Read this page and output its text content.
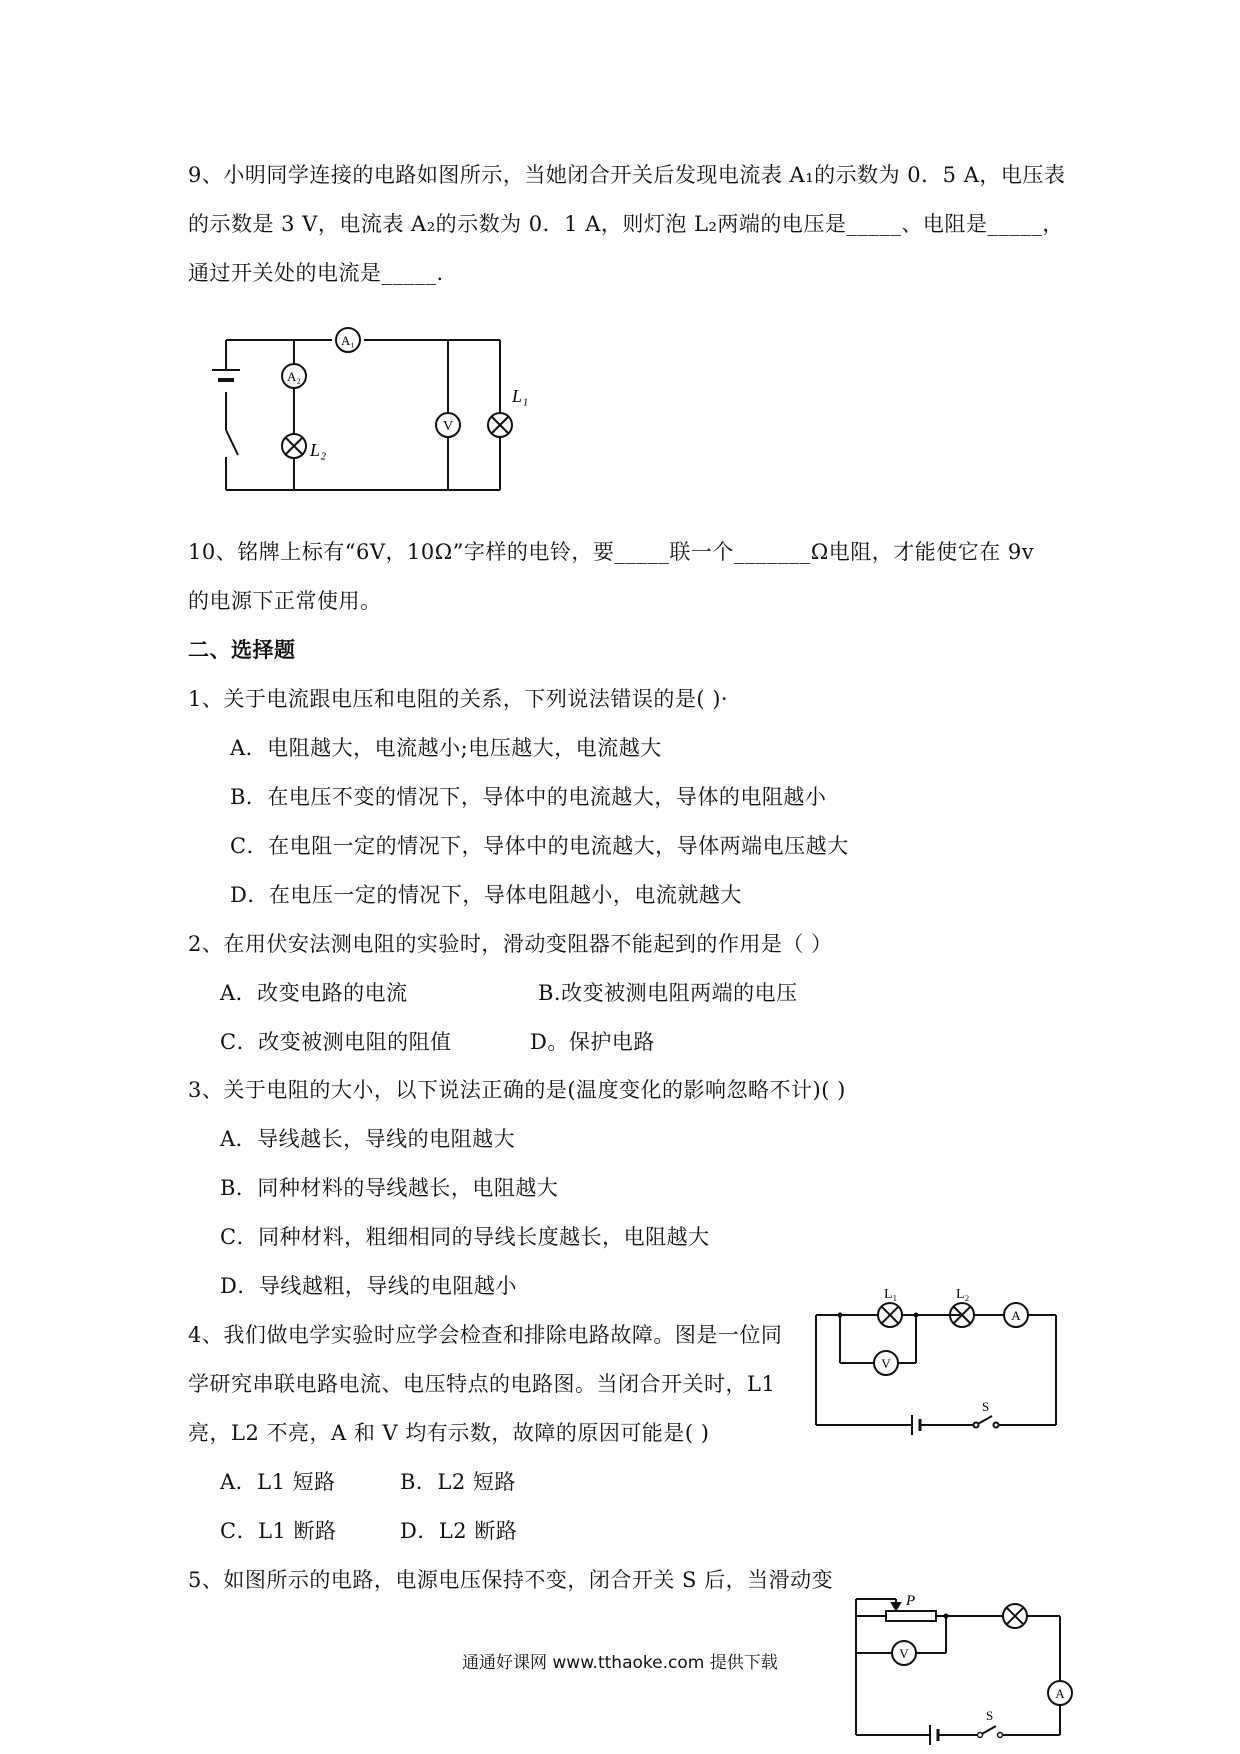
9、小明同学连接的电路如图所示，当她闭合开关后发现电流表 A₁的示数为 0．5 A，电压表
的示数是 3 V，电流表 A₂的示数为 0．1 A，则灯泡 L₂两端的电压是_____、电阻是_____，
通过开关处的电流是_____.
A₁
A₂
V
L₁
L₂
10、铭牌上标有“6V，10Ω”字样的电铃，要_____联一个_______Ω电阻，才能使它在 9v
的电源下正常使用。
二、选择题
1、关于电流跟电压和电阻的关系，下列说法错误的是( )·
A．电阻越大，电流越小;电压越大，电流越大
B．在电压不变的情况下，导体中的电流越大，导体的电阻越小
C．在电阻一定的情况下，导体中的电流越大，导体两端电压越大
D．在电压一定的情况下，导体电阻越小，电流就越大
2、在用伏安法测电阻的实验时，滑动变阻器不能起到的作用是（ ）
A．改变电路的电流	B.改变被测电阻两端的电压
C．改变被测电阻的阻值	D。保护电路
3、关于电阻的大小，以下说法正确的是(温度变化的影响忽略不计)( )
A．导线越长，导线的电阻越大
B．同种材料的导线越长，电阻越大
C．同种材料，粗细相同的导线长度越长，电阻越大
D．导线越粗，导线的电阻越小
4、我们做电学实验时应学会检查和排除电路故障。图是一位同
学研究串联电路电流、电压特点的电路图。当闭合开关时，L1
亮，L2 不亮，A 和 V 均有示数，故障的原因可能是( )
A．L1 短路	B．L2 短路
C．L1 断路	D．L2 断路
L₁	L₂
A
V
S
5、如图所示的电路，电源电压保持不变，闭合开关 S 后，当滑动变
P
V
A
S
通通好课网 www.tthaoke.com 提供下载
